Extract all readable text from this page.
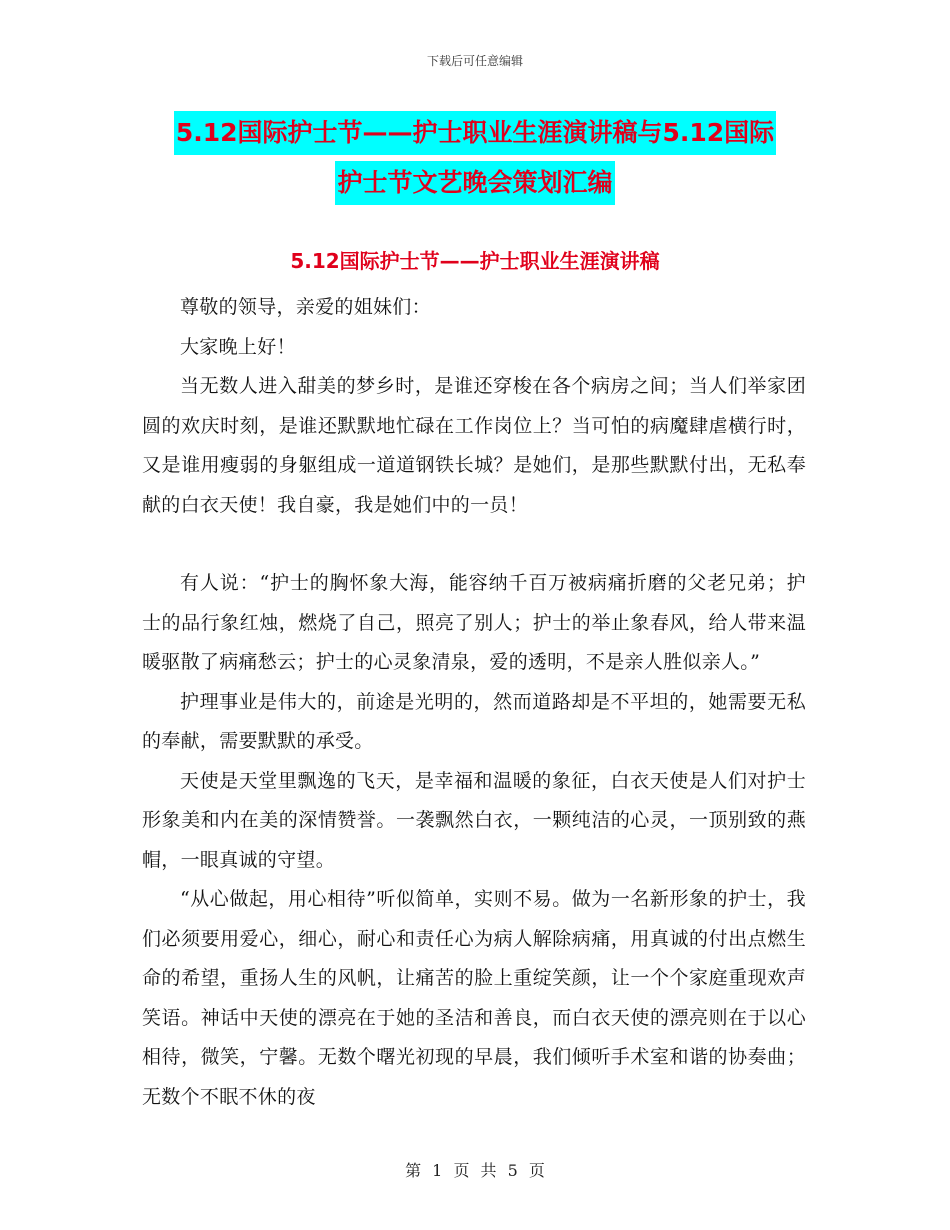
下载后可任意编辑
5.12国际护士节——护士职业生涯演讲稿与5.12国际
护士节文艺晚会策划汇编
5.12国际护士节——护士职业生涯演讲稿

尊敬的领导，亲爱的姐妹们：

大家晚上好！

当无数人进入甜美的梦乡时，是谁还穿梭在各个病房之间；当人们举家团圆的欢庆时刻，是谁还默默地忙碌在工作岗位上？当可怕的病魔肆虐横行时，又是谁用瘦弱的身躯组成一道道钢铁长城？是她们，是那些默默付出，无私奉献的白衣天使！我自豪，我是她们中的一员！

有人说：“护士的胸怀象大海，能容纳千百万被病痛折磨的父老兄弟；护士的品行象红烛，燃烧了自己，照亮了别人；护士的举止象春风，给人带来温暖驱散了病痛愁云；护士的心灵象清泉，爱的透明，不是亲人胜似亲人。”

护理事业是伟大的，前途是光明的，然而道路却是不平坦的，她需要无私的奉献，需要默默的承受。

天使是天堂里飘逸的飞天，是幸福和温暖的象征，白衣天使是人们对护士形象美和内在美的深情赞誉。一袭飘然白衣，一颗纯洁的心灵，一顶别致的燕帽，一眼真诚的守望。

“从心做起，用心相待”听似简单，实则不易。做为一名新形象的护士，我们必须要用爱心，细心，耐心和责任心为病人解除病痛，用真诚的付出点燃生命的希望，重扬人生的风帆，让痛苦的脸上重绽笑颜，让一个个家庭重现欢声笑语。神话中天使的漂亮在于她的圣洁和善良，而白衣天使的漂亮则在于以心相待，微笑，宁馨。无数个曙光初现的早晨，我们倾听手术室和谐的协奏曲；无数个不眠不休的夜

第 1 页 共 5 页
